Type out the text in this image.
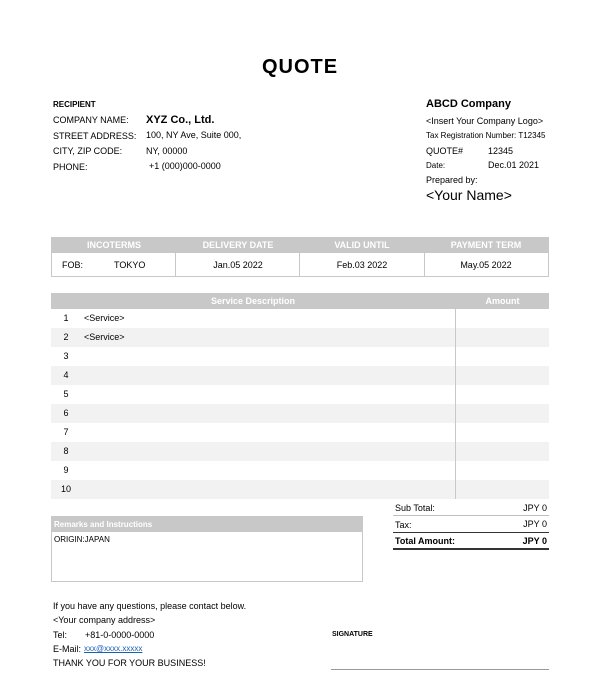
QUOTE
RECIPIENT
COMPANY NAME: XYZ Co., Ltd.
STREET ADDRESS: 100, NY Ave, Suite 000,
CITY, ZIP CODE:	NY, 00000
PHONE:	+1 (000)000-0000
ABCD Company
<Insert Your Company Logo>
Tax Registration Number: T12345
QUOTE#	12345
Date:	Dec.01 2021
Prepared by:
<Your Name>
INCOTERMS	DELIVERY DATE	VALID UNTIL	PAYMENT TERM
FOB:	TOKYO	Jan.05 2022	Feb.03 2022	May.05 2022
Service Description	Amount
1	<Service>
2	<Service>
3
4
5
6
7
8
9
10
Sub Total:	JPY 0
Tax:	JPY 0
Total Amount:	JPY 0
Remarks and Instructions
ORIGIN:JAPAN
If you have any questions, please contact below.
<Your company address>
Tel: +81-0-0000-0000
E-Mail: xxx@xxxx.xxxxx
THANK YOU FOR YOUR BUSINESS!
SIGNATURE
